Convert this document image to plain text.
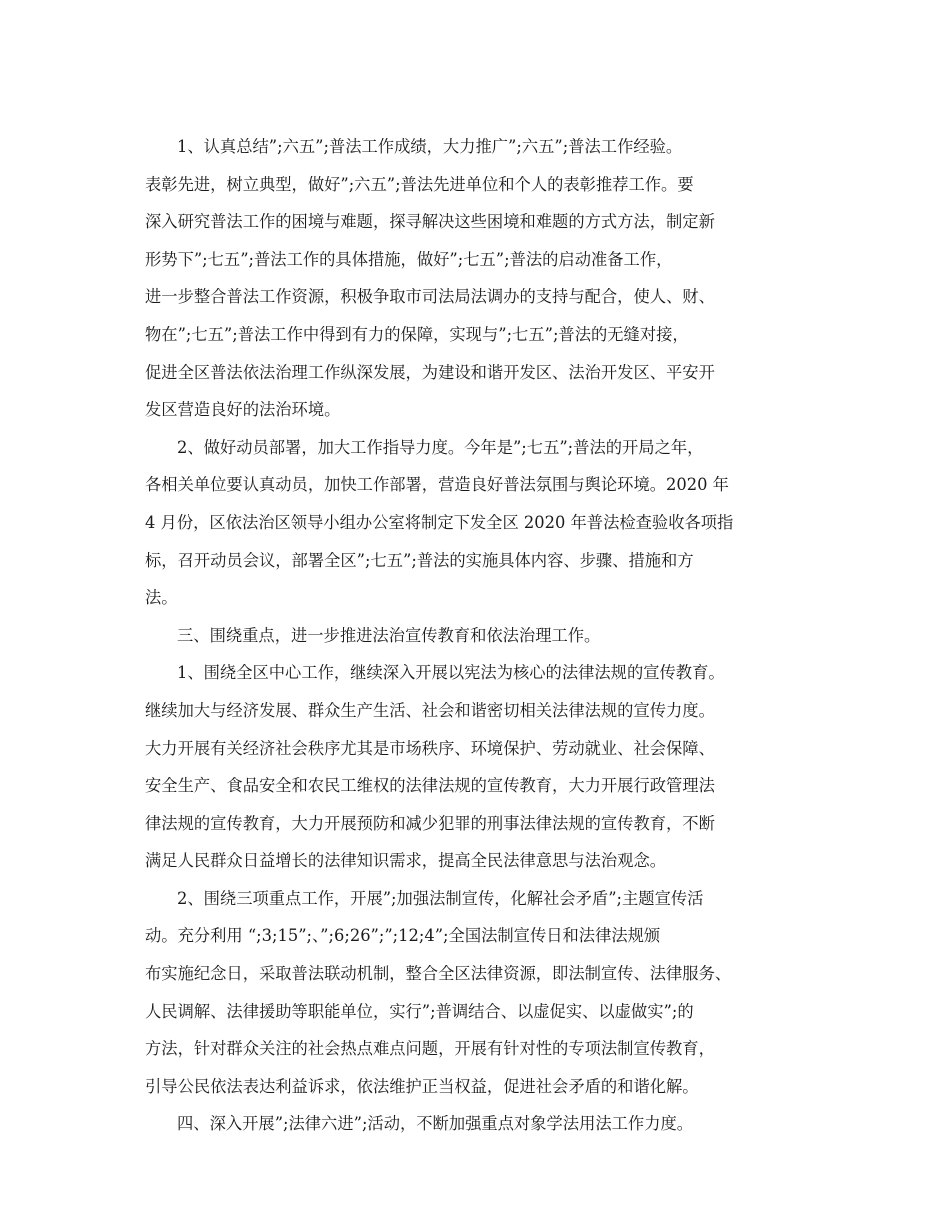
1、认真总结”;六五”;普法工作成绩，大力推广”;六五”;普法工作经验。
表彰先进，树立典型，做好”;六五”;普法先进单位和个人的表彰推荐工作。要
深入研究普法工作的困境与难题，探寻解决这些困境和难题的方式方法，制定新
形势下”;七五”;普法工作的具体措施，做好”;七五”;普法的启动准备工作，
进一步整合普法工作资源，积极争取市司法局法调办的支持与配合，使人、财、
物在”;七五”;普法工作中得到有力的保障，实现与”;七五”;普法的无缝对接，
促进全区普法依法治理工作纵深发展，为建设和谐开发区、法治开发区、平安开
发区营造良好的法治环境。
2、做好动员部署，加大工作指导力度。今年是”;七五”;普法的开局之年，
各相关单位要认真动员，加快工作部署，营造良好普法氛围与舆论环境。2020 年
4 月份，区依法治区领导小组办公室将制定下发全区 2020 年普法检查验收各项指
标，召开动员会议，部署全区”;七五”;普法的实施具体内容、步骤、措施和方
法。
三、围绕重点，进一步推进法治宣传教育和依法治理工作。
1、围绕全区中心工作，继续深入开展以宪法为核心的法律法规的宣传教育。
继续加大与经济发展、群众生产生活、社会和谐密切相关法律法规的宣传力度。
大力开展有关经济社会秩序尤其是市场秩序、环境保护、劳动就业、社会保障、
安全生产、食品安全和农民工维权的法律法规的宣传教育，大力开展行政管理法
律法规的宣传教育，大力开展预防和减少犯罪的刑事法律法规的宣传教育，不断
满足人民群众日益增长的法律知识需求，提高全民法律意思与法治观念。
2、围绕三项重点工作，开展”;加强法制宣传，化解社会矛盾”;主题宣传活
动。充分利用 “;3;15”;、”;6;26”;”;12;4”;全国法制宣传日和法律法规颁
布实施纪念日，采取普法联动机制，整合全区法律资源，即法制宣传、法律服务、
人民调解、法律援助等职能单位，实行”;普调结合、以虚促实、以虚做实”;的
方法，针对群众关注的社会热点难点问题，开展有针对性的专项法制宣传教育，
引导公民依法表达利益诉求，依法维护正当权益，促进社会矛盾的和谐化解。
四、深入开展”;法律六进”;活动，不断加强重点对象学法用法工作力度。
